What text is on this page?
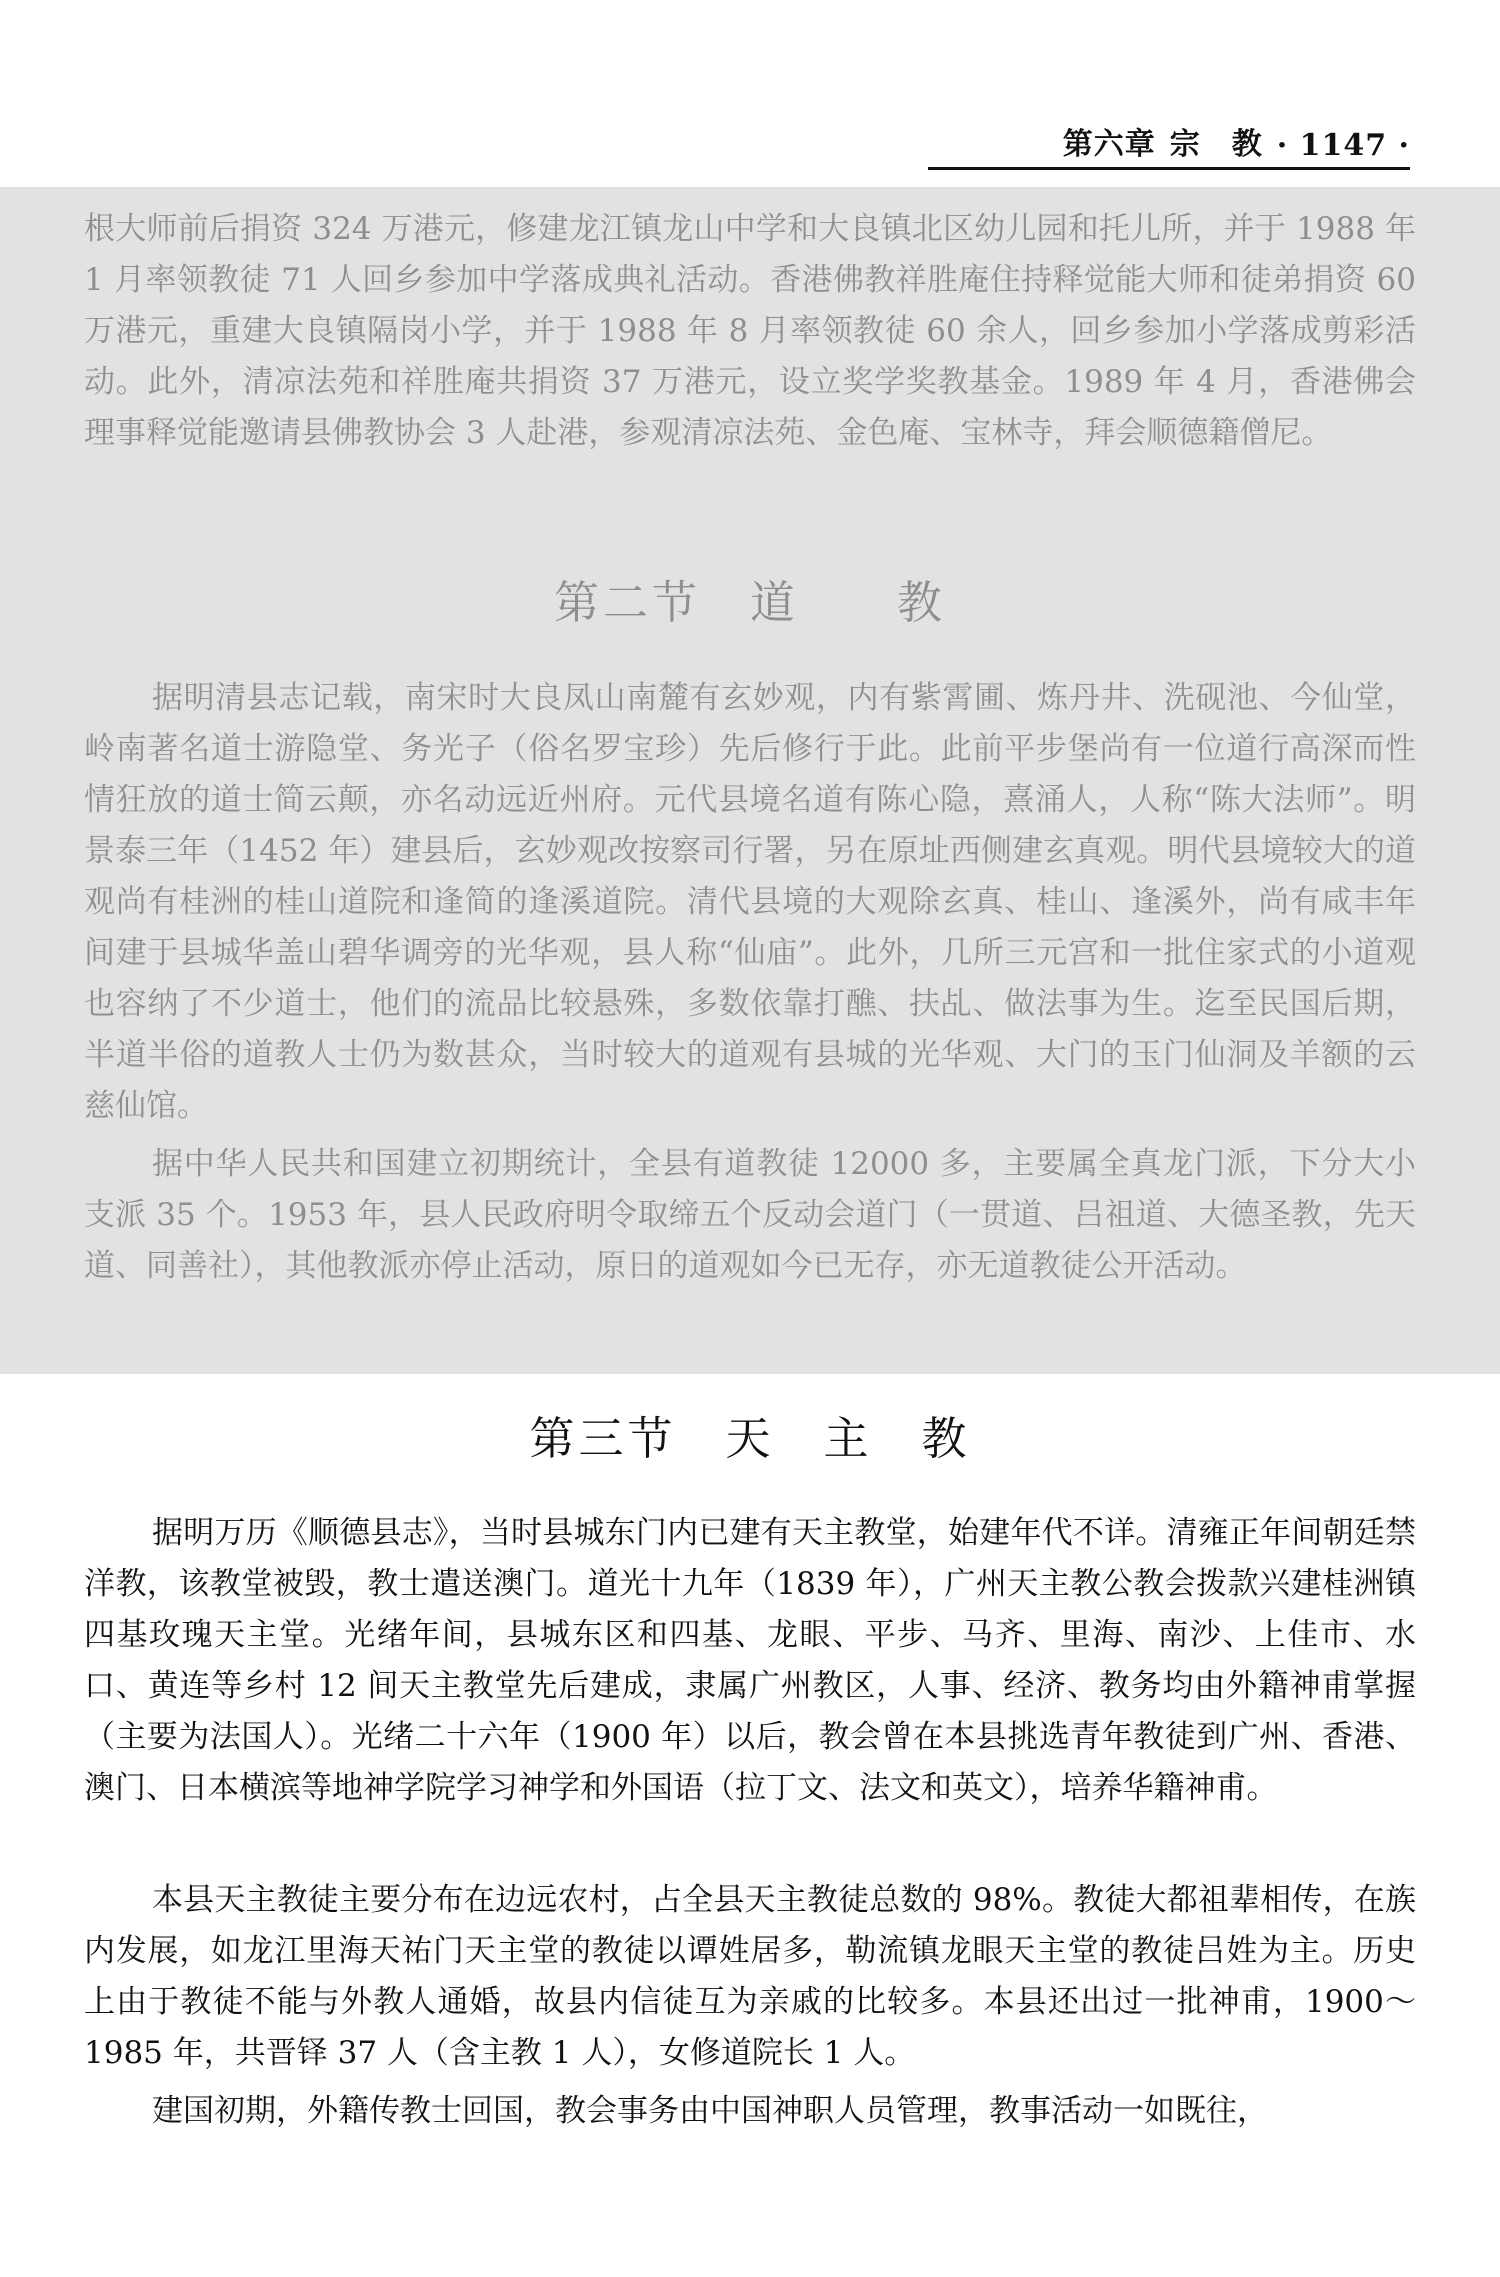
第六章 宗　教 · 1147 ·

根大师前后捐资 324 万港元，修建龙江镇龙山中学和大良镇北区幼儿园和托儿所，并于 1988 年 1 月率领教徒 71 人回乡参加中学落成典礼活动。香港佛教祥胜庵住持释觉能大师和徒弟捐资 60 万港元，重建大良镇隔岗小学，并于 1988 年 8 月率领教徒 60 余人，回乡参加小学落成剪彩活动。此外，清凉法苑和祥胜庵共捐资 37 万港元，设立奖学奖教基金。1989 年 4 月，香港佛会理事释觉能邀请县佛教协会 3 人赴港，参观清凉法苑、金色庵、宝林寺，拜会顺德籍僧尼。

第二节　道　　教

据明清县志记载，南宋时大良凤山南麓有玄妙观，内有紫霄圃、炼丹井、洗砚池、今仙堂，岭南著名道士游隐堂、务光子（俗名罗宝珍）先后修行于此。此前平步堡尚有一位道行高深而性情狂放的道士简云颠，亦名动远近州府。元代县境名道有陈心隐，熹涌人，人称“陈大法师”。明景泰三年（1452 年）建县后，玄妙观改按察司行署，另在原址西侧建玄真观。明代县境较大的道观尚有桂洲的桂山道院和逢简的逢溪道院。清代县境的大观除玄真、桂山、逢溪外，尚有咸丰年间建于县城华盖山碧华调旁的光华观，县人称“仙庙”。此外，几所三元宫和一批住家式的小道观也容纳了不少道士，他们的流品比较悬殊，多数依靠打醮、扶乩、做法事为生。迄至民国后期，半道半俗的道教人士仍为数甚众，当时较大的道观有县城的光华观、大门的玉门仙洞及羊额的云慈仙馆。

据中华人民共和国建立初期统计，全县有道教徒 12000 多，主要属全真龙门派，下分大小支派 35 个。1953 年，县人民政府明令取缔五个反动会道门（一贯道、吕祖道、大德圣教，先天道、同善社），其他教派亦停止活动，原日的道观如今已无存，亦无道教徒公开活动。

第三节　天　主　教

据明万历《顺德县志》，当时县城东门内已建有天主教堂，始建年代不详。清雍正年间朝廷禁洋教，该教堂被毁，教士遣送澳门。道光十九年（1839 年），广州天主教公教会拨款兴建桂洲镇四基玫瑰天主堂。光绪年间，县城东区和四基、龙眼、平步、马齐、里海、南沙、上佳市、水口、黄连等乡村 12 间天主教堂先后建成，隶属广州教区，人事、经济、教务均由外籍神甫掌握（主要为法国人）。光绪二十六年（1900 年）以后，教会曾在本县挑选青年教徒到广州、香港、澳门、日本横滨等地神学院学习神学和外国语（拉丁文、法文和英文），培养华籍神甫。

本县天主教徒主要分布在边远农村，占全县天主教徒总数的 98%。教徒大都祖辈相传，在族内发展，如龙江里海天祐门天主堂的教徒以谭姓居多，勒流镇龙眼天主堂的教徒吕姓为主。历史上由于教徒不能与外教人通婚，故县内信徒互为亲戚的比较多。本县还出过一批神甫，1900～1985 年，共晋铎 37 人（含主教 1 人），女修道院长 1 人。

建国初期，外籍传教士回国，教会事务由中国神职人员管理，教事活动一如既往，
